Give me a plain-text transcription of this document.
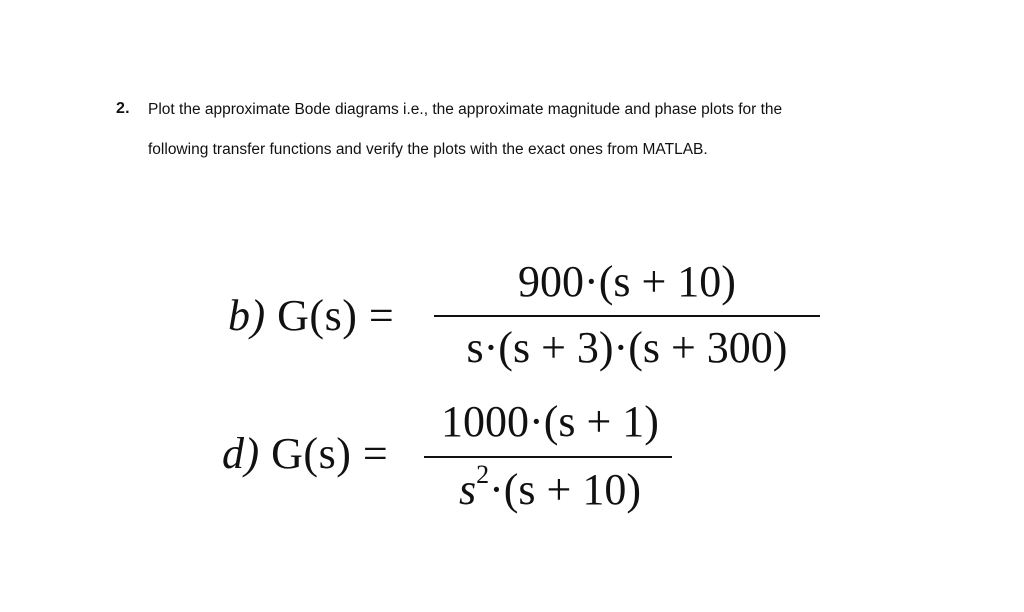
2. Plot the approximate Bode diagrams i.e., the approximate magnitude and phase plots for the
following transfer functions and verify the plots with the exact ones from MATLAB.
b) G(s) =
900·(s + 10)
s·(s + 3)·(s + 300)
d) G(s) =
1000·(s + 1)
$s^2\cdot(s + 10)$
